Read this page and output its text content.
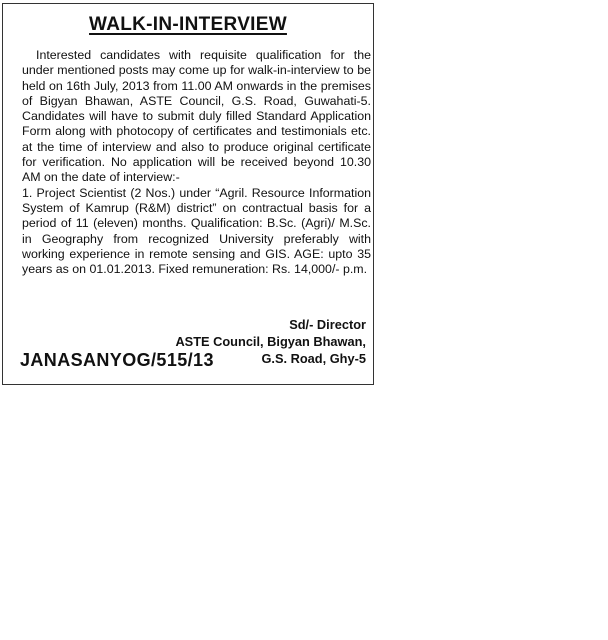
WALK-IN-INTERVIEW

Interested candidates with requisite qualification for the under mentioned posts may come up for walk-in-interview to be held on 16th July, 2013 from 11.00 AM onwards in the premises of Bigyan Bhawan, ASTE Council, G.S. Road, Guwahati-5. Candidates will have to submit duly filled Standard Application Form along with photocopy of certificates and testimonials etc. at the time of interview and also to produce original certificate for verification. No application will be received beyond 10.30 AM on the date of interview:-

1. Project Scientist (2 Nos.) under “Agril. Resource Information System of Kamrup (R&M) district” on contractual basis for a period of 11 (eleven) months. Qualification: B.Sc. (Agri)/ M.Sc. in Geography from recognized University preferably with working experience in remote sensing and GIS. AGE: upto 35 years as on 01.01.2013. Fixed remuneration: Rs. 14,000/- p.m.

Sd/- Director
ASTE Council, Bigyan Bhawan,
G.S. Road, Ghy-5
JANASANYOG/515/13
